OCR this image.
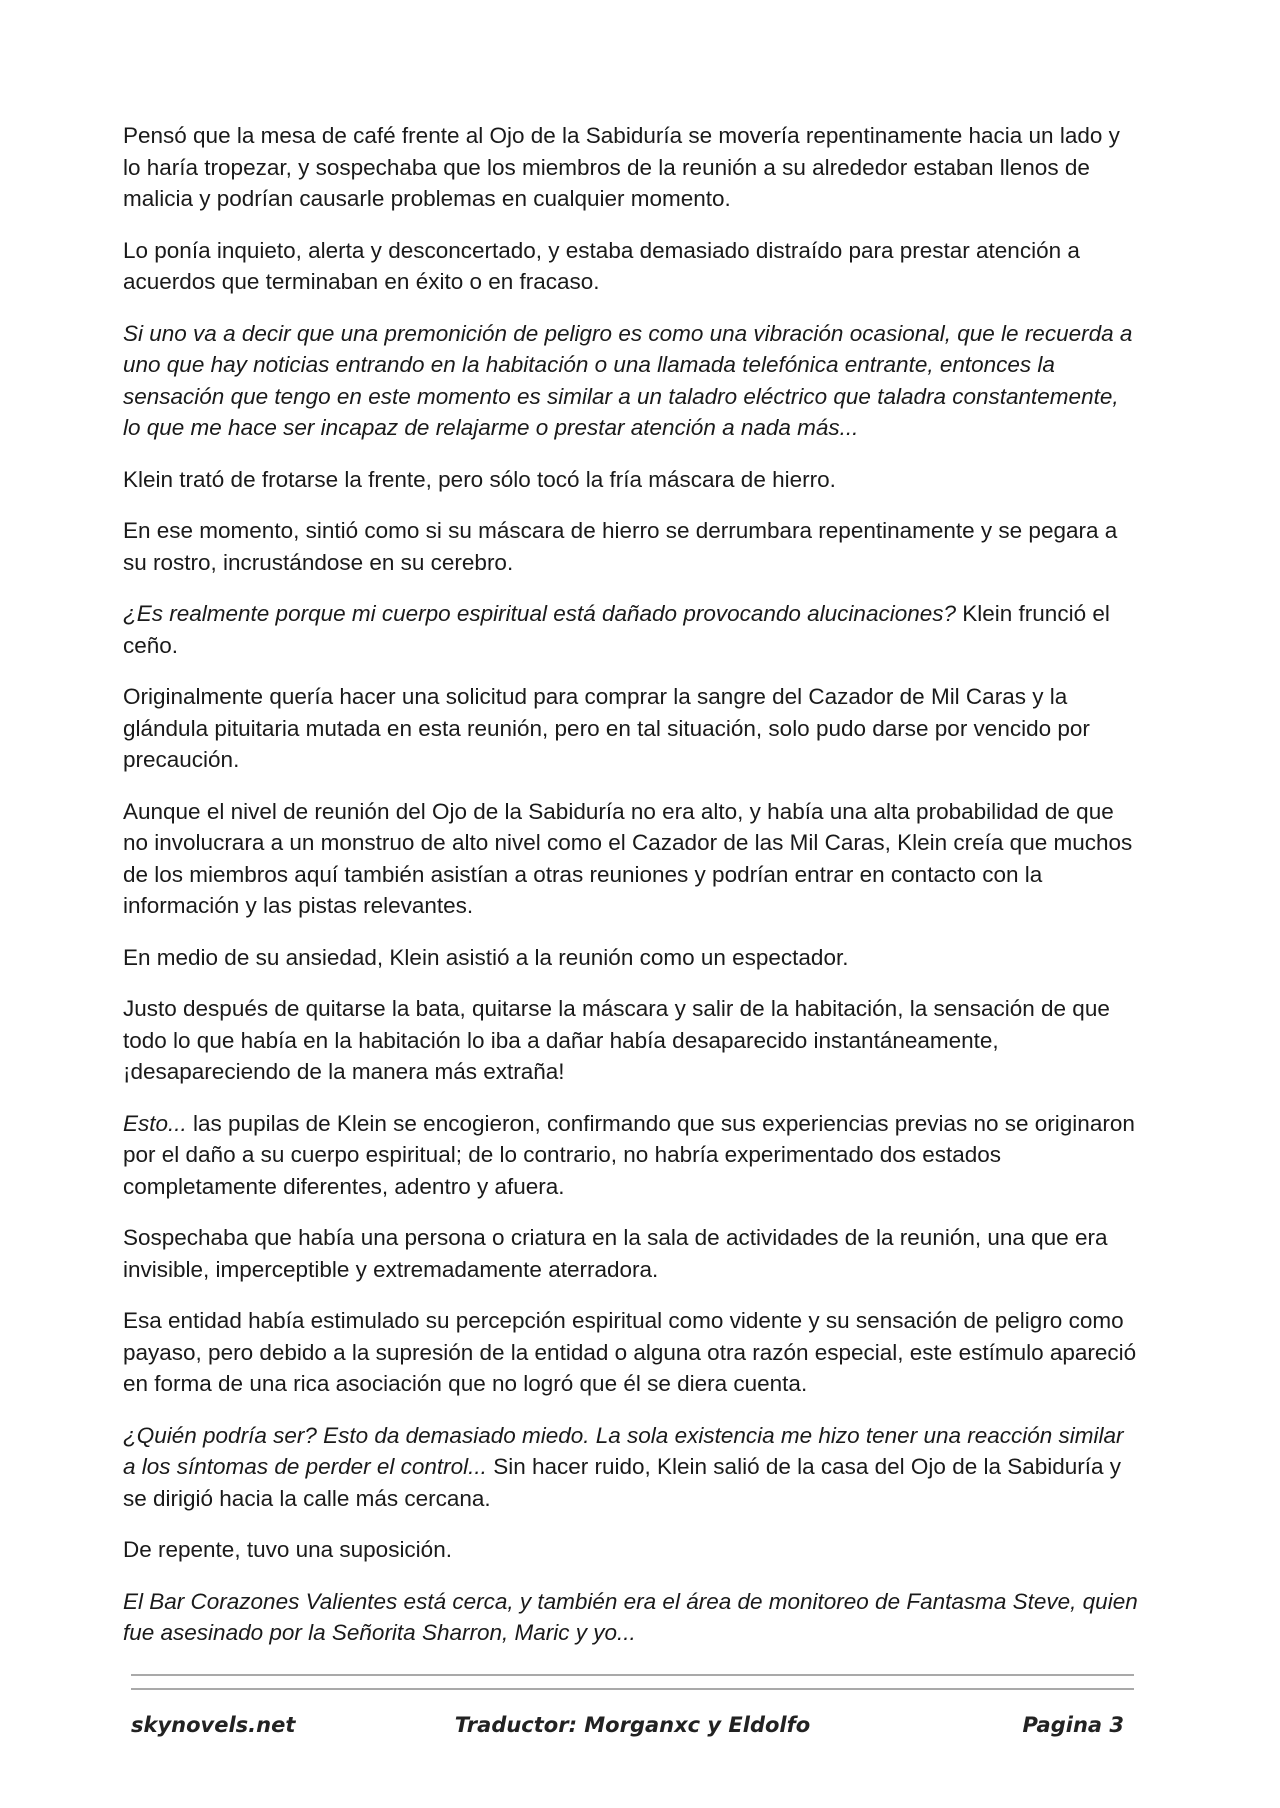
Pensó que la mesa de café frente al Ojo de la Sabiduría se movería repentinamente hacia un lado y lo haría tropezar, y sospechaba que los miembros de la reunión a su alrededor estaban llenos de malicia y podrían causarle problemas en cualquier momento.

Lo ponía inquieto, alerta y desconcertado, y estaba demasiado distraído para prestar atención a acuerdos que terminaban en éxito o en fracaso.

Si uno va a decir que una premonición de peligro es como una vibración ocasional, que le recuerda a uno que hay noticias entrando en la habitación o una llamada telefónica entrante, entonces la sensación que tengo en este momento es similar a un taladro eléctrico que taladra constantemente, lo que me hace ser incapaz de relajarme o prestar atención a nada más...

Klein trató de frotarse la frente, pero sólo tocó la fría máscara de hierro.

En ese momento, sintió como si su máscara de hierro se derrumbara repentinamente y se pegara a su rostro, incrustándose en su cerebro.

¿Es realmente porque mi cuerpo espiritual está dañado provocando alucinaciones? Klein frunció el ceño.

Originalmente quería hacer una solicitud para comprar la sangre del Cazador de Mil Caras y la glándula pituitaria mutada en esta reunión, pero en tal situación, solo pudo darse por vencido por precaución.

Aunque el nivel de reunión del Ojo de la Sabiduría no era alto, y había una alta probabilidad de que no involucrara a un monstruo de alto nivel como el Cazador de las Mil Caras, Klein creía que muchos de los miembros aquí también asistían a otras reuniones y podrían entrar en contacto con la información y las pistas relevantes.

En medio de su ansiedad, Klein asistió a la reunión como un espectador.

Justo después de quitarse la bata, quitarse la máscara y salir de la habitación, la sensación de que todo lo que había en la habitación lo iba a dañar había desaparecido instantáneamente, ¡desapareciendo de la manera más extraña!

Esto... las pupilas de Klein se encogieron, confirmando que sus experiencias previas no se originaron por el daño a su cuerpo espiritual; de lo contrario, no habría experimentado dos estados completamente diferentes, adentro y afuera.

Sospechaba que había una persona o criatura en la sala de actividades de la reunión, una que era invisible, imperceptible y extremadamente aterradora.

Esa entidad había estimulado su percepción espiritual como vidente y su sensación de peligro como payaso, pero debido a la supresión de la entidad o alguna otra razón especial, este estímulo apareció en forma de una rica asociación que no logró que él se diera cuenta.

¿Quién podría ser? Esto da demasiado miedo. La sola existencia me hizo tener una reacción similar a los síntomas de perder el control... Sin hacer ruido, Klein salió de la casa del Ojo de la Sabiduría y se dirigió hacia la calle más cercana.

De repente, tuvo una suposición.

El Bar Corazones Valientes está cerca, y también era el área de monitoreo de Fantasma Steve, quien fue asesinado por la Señorita Sharron, Maric y yo...

skynovels.net	Traductor: Morganxc y Eldolfo	Pagina 3
